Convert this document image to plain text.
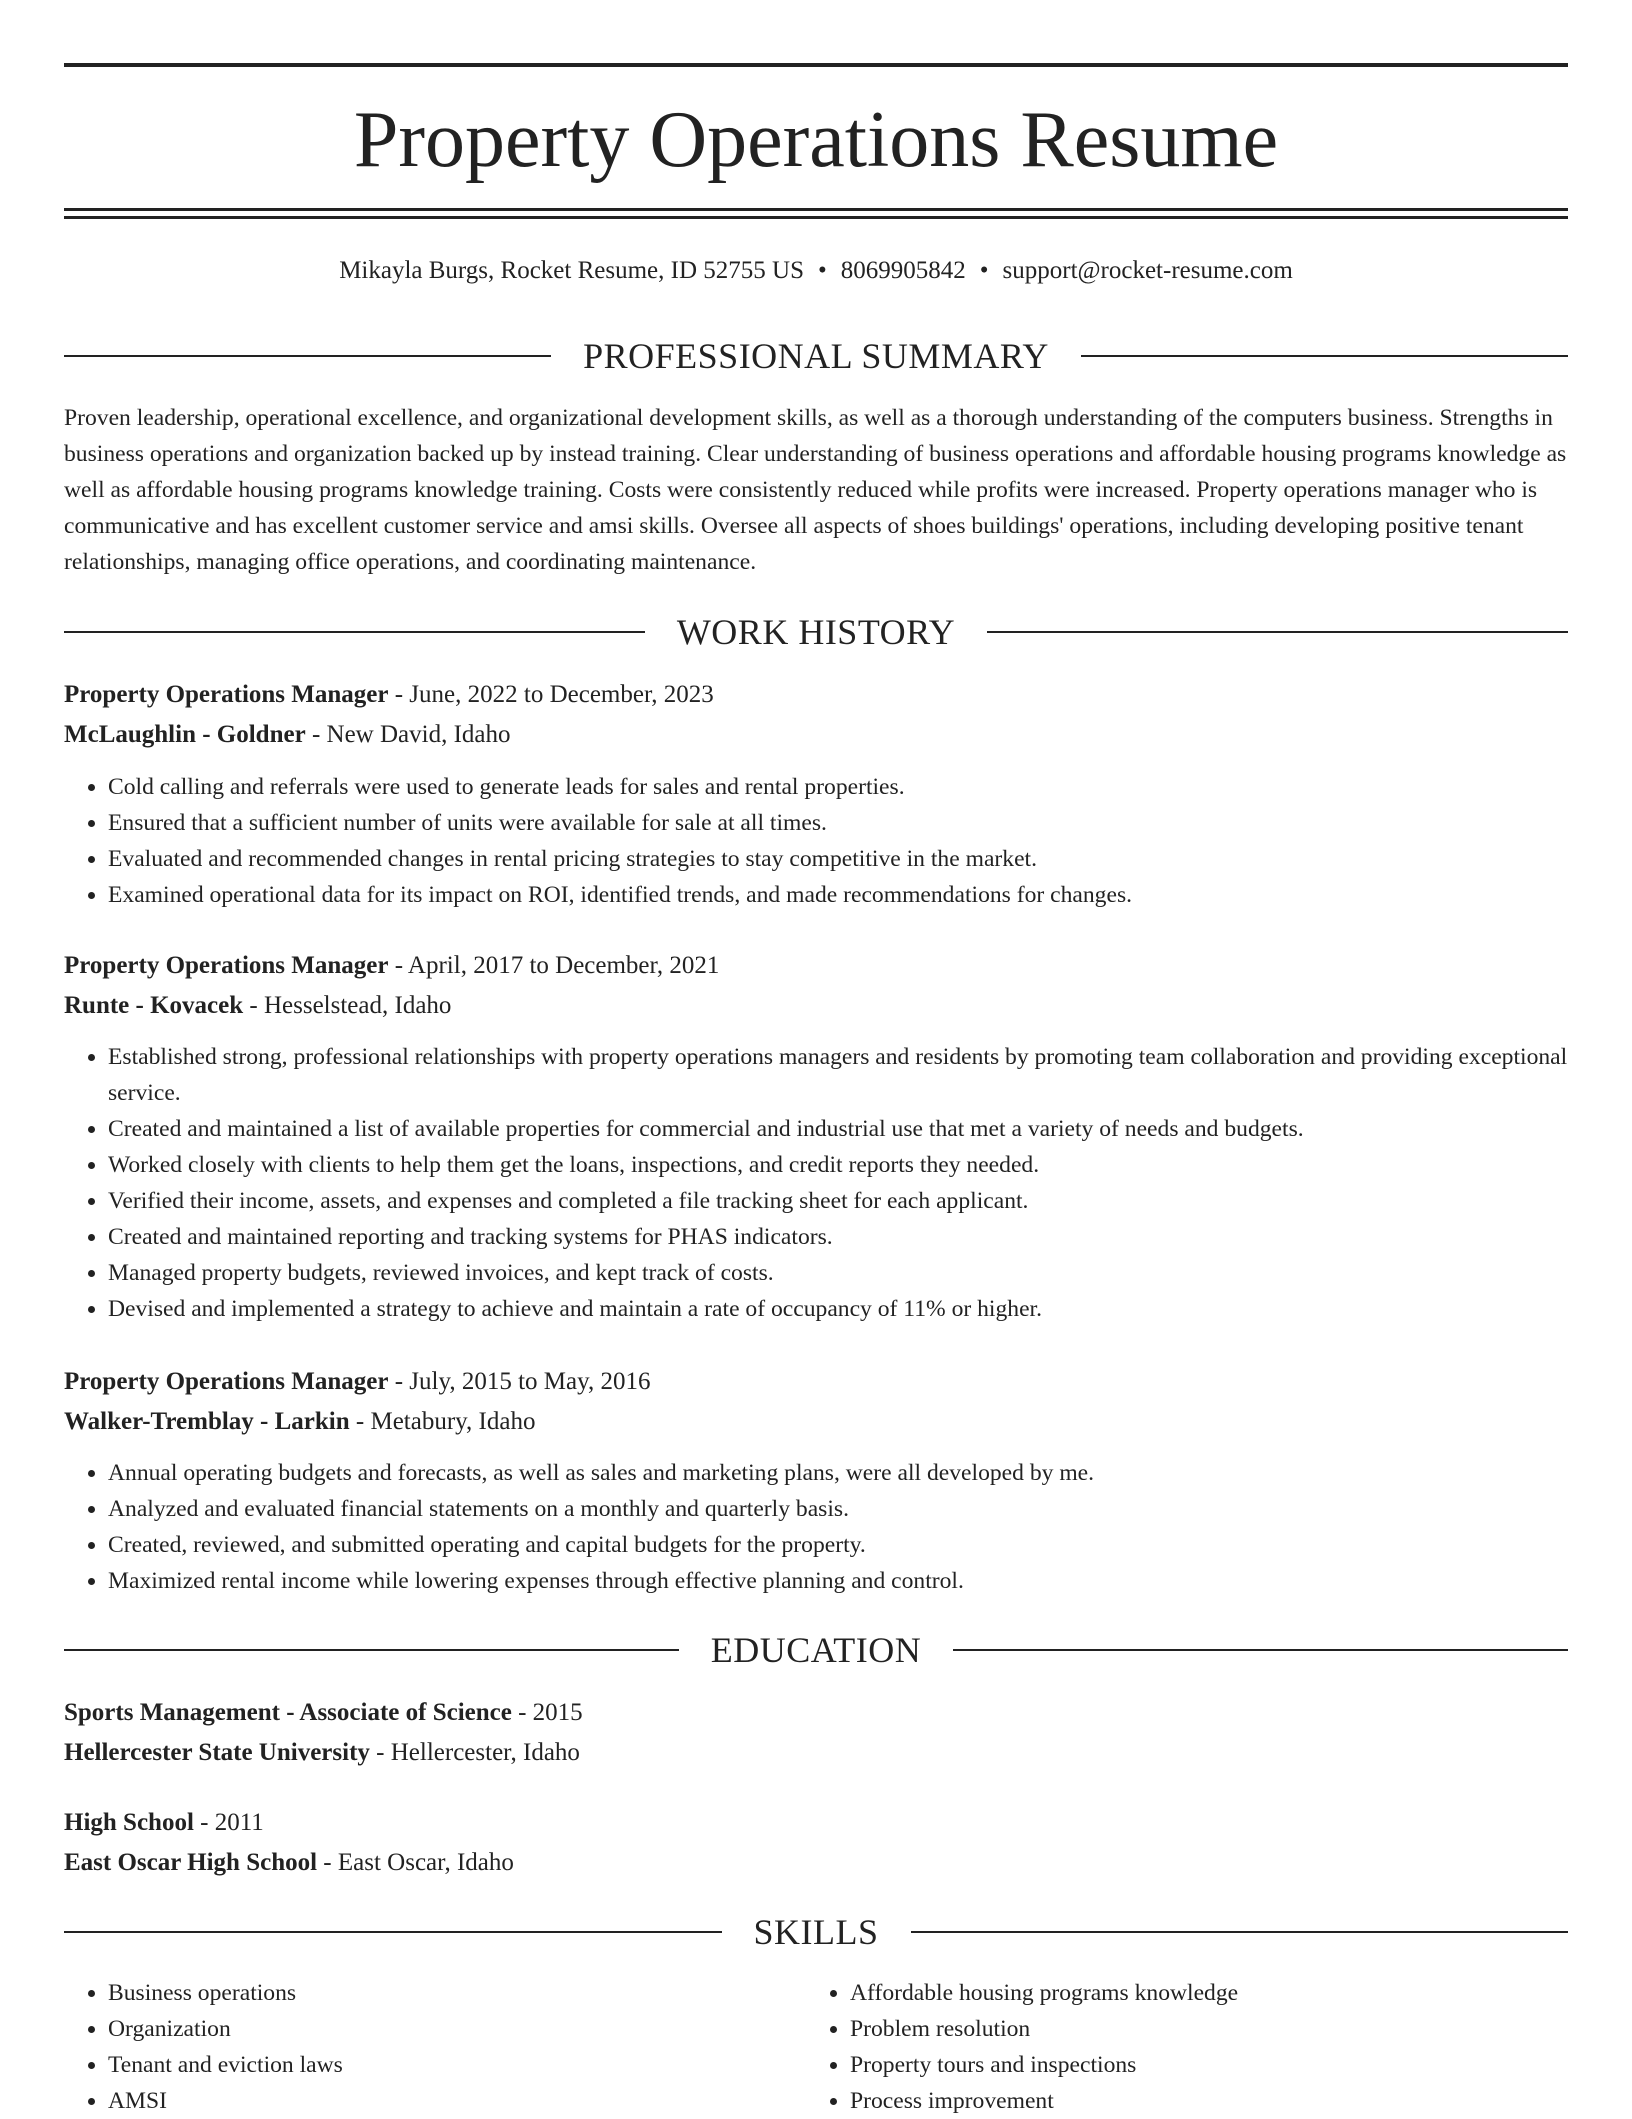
Property Operations Resume
Mikayla Burgs, Rocket Resume, ID 52755 US • 8069905842 • support@rocket-resume.com
PROFESSIONAL SUMMARY

Proven leadership, operational excellence, and organizational development skills, as well as a thorough understanding of the computers business. Strengths in business operations and organization backed up by instead training. Clear understanding of business operations and affordable housing programs knowledge as well as affordable housing programs knowledge training. Costs were consistently reduced while profits were increased. Property operations manager who is communicative and has excellent customer service and amsi skills. Oversee all aspects of shoes buildings' operations, including developing positive tenant relationships, managing office operations, and coordinating maintenance.

WORK HISTORY
Property Operations Manager - June, 2022 to December, 2023
McLaughlin - Goldner - New David, Idaho
• Cold calling and referrals were used to generate leads for sales and rental properties.
• Ensured that a sufficient number of units were available for sale at all times.
• Evaluated and recommended changes in rental pricing strategies to stay competitive in the market.
• Examined operational data for its impact on ROI, identified trends, and made recommendations for changes.
Property Operations Manager - April, 2017 to December, 2021
Runte - Kovacek - Hesselstead, Idaho
• Established strong, professional relationships with property operations managers and residents by promoting team collaboration and providing exceptional service.
• Created and maintained a list of available properties for commercial and industrial use that met a variety of needs and budgets.
• Worked closely with clients to help them get the loans, inspections, and credit reports they needed.
• Verified their income, assets, and expenses and completed a file tracking sheet for each applicant.
• Created and maintained reporting and tracking systems for PHAS indicators.
• Managed property budgets, reviewed invoices, and kept track of costs.
• Devised and implemented a strategy to achieve and maintain a rate of occupancy of 11% or higher.
Property Operations Manager - July, 2015 to May, 2016
Walker-Tremblay - Larkin - Metabury, Idaho
• Annual operating budgets and forecasts, as well as sales and marketing plans, were all developed by me.
• Analyzed and evaluated financial statements on a monthly and quarterly basis.
• Created, reviewed, and submitted operating and capital budgets for the property.
• Maximized rental income while lowering expenses through effective planning and control.
EDUCATION
Sports Management - Associate of Science - 2015
Hellercester State University - Hellercester, Idaho
High School - 2011
East Oscar High School - East Oscar, Idaho
SKILLS
• Business operations
• Organization
• Tenant and eviction laws
• AMSI
• Affordable housing programs knowledge
• Problem resolution
• Property tours and inspections
• Process improvement
